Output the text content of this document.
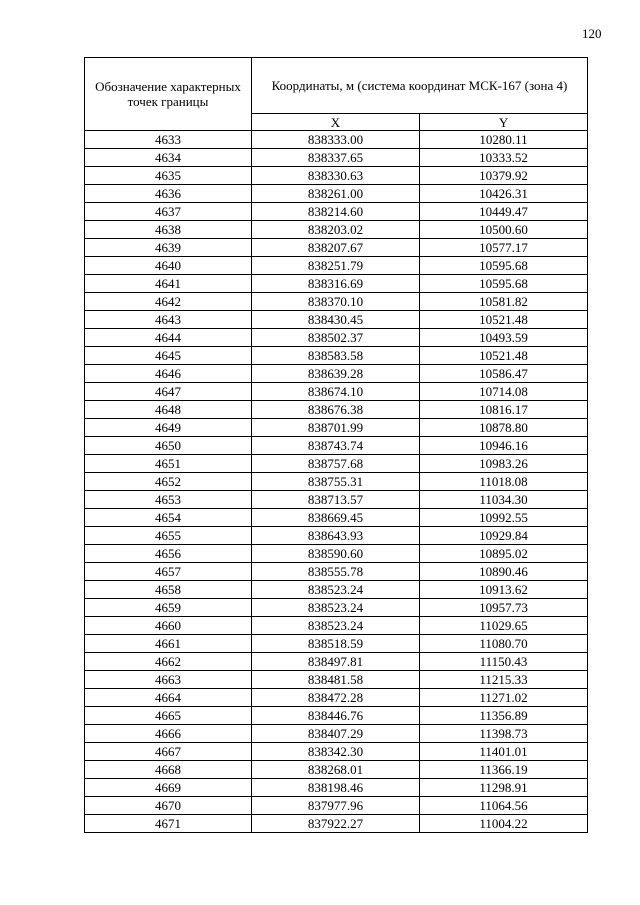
120
Обозначение характерных точек границы	Координаты, м (система координат МСК-167 (зона 4)	
	X	Y
4633	838333.00	10280.11
4634	838337.65	10333.52
4635	838330.63	10379.92
4636	838261.00	10426.31
4637	838214.60	10449.47
4638	838203.02	10500.60
4639	838207.67	10577.17
4640	838251.79	10595.68
4641	838316.69	10595.68
4642	838370.10	10581.82
4643	838430.45	10521.48
4644	838502.37	10493.59
4645	838583.58	10521.48
4646	838639.28	10586.47
4647	838674.10	10714.08
4648	838676.38	10816.17
4649	838701.99	10878.80
4650	838743.74	10946.16
4651	838757.68	10983.26
4652	838755.31	11018.08
4653	838713.57	11034.30
4654	838669.45	10992.55
4655	838643.93	10929.84
4656	838590.60	10895.02
4657	838555.78	10890.46
4658	838523.24	10913.62
4659	838523.24	10957.73
4660	838523.24	11029.65
4661	838518.59	11080.70
4662	838497.81	11150.43
4663	838481.58	11215.33
4664	838472.28	11271.02
4665	838446.76	11356.89
4666	838407.29	11398.73
4667	838342.30	11401.01
4668	838268.01	11366.19
4669	838198.46	11298.91
4670	837977.96	11064.56
4671	837922.27	11004.22
